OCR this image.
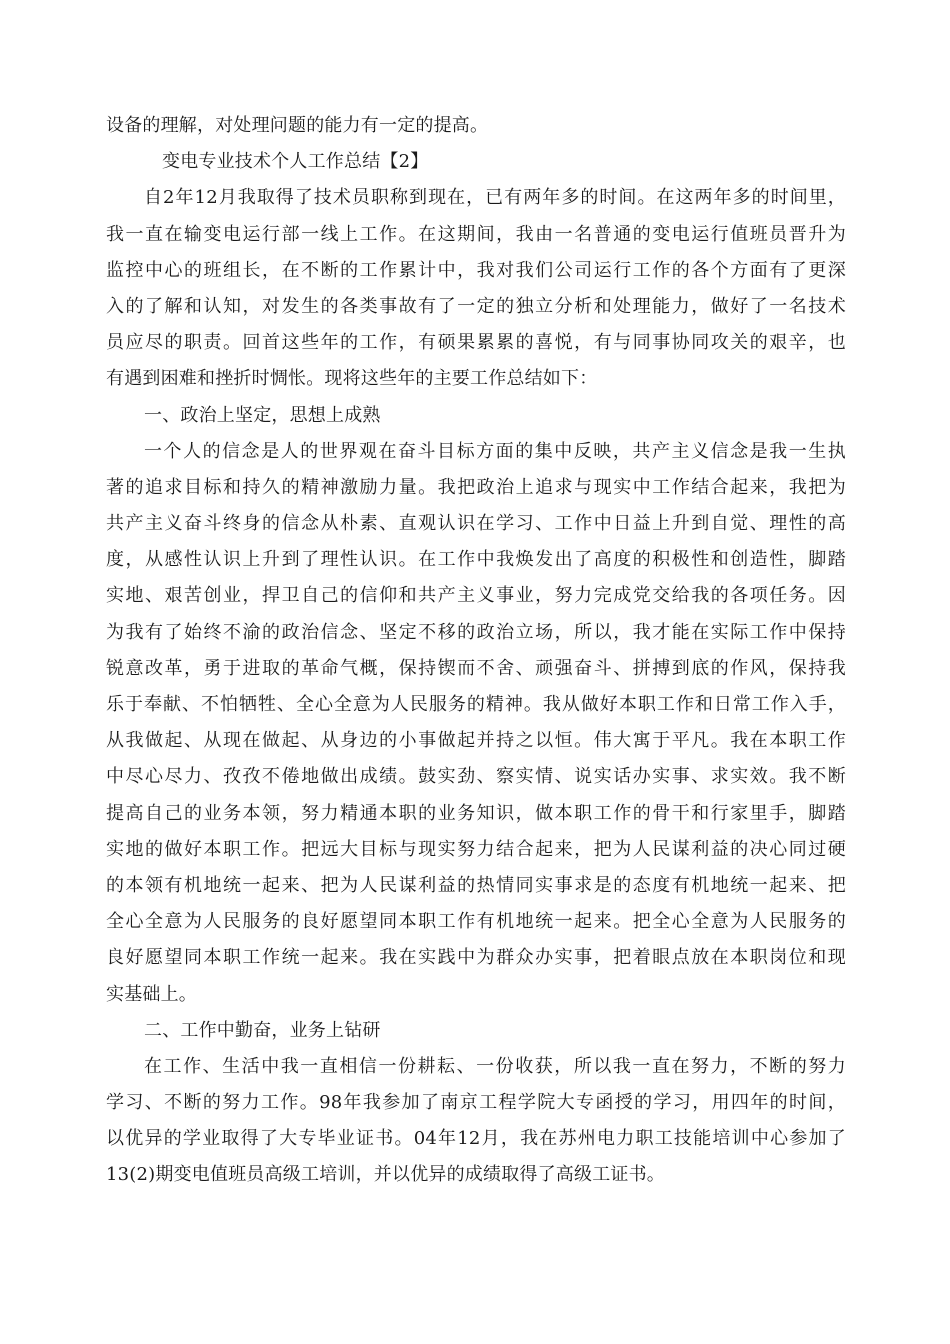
设备的理解，对处理问题的能力有一定的提高。
变电专业技术个人工作总结【2】
自2年12月我取得了技术员职称到现在，已有两年多的时间。在这两年多的时间里，
我一直在输变电运行部一线上工作。在这期间，我由一名普通的变电运行值班员晋升为
监控中心的班组长，在不断的工作累计中，我对我们公司运行工作的各个方面有了更深
入的了解和认知，对发生的各类事故有了一定的独立分析和处理能力，做好了一名技术
员应尽的职责。回首这些年的工作，有硕果累累的喜悦，有与同事协同攻关的艰辛，也
有遇到困难和挫折时惆怅。现将这些年的主要工作总结如下：
一、政治上坚定，思想上成熟
一个人的信念是人的世界观在奋斗目标方面的集中反映，共产主义信念是我一生执
著的追求目标和持久的精神激励力量。我把政治上追求与现实中工作结合起来，我把为
共产主义奋斗终身的信念从朴素、直观认识在学习、工作中日益上升到自觉、理性的高
度，从感性认识上升到了理性认识。在工作中我焕发出了高度的积极性和创造性，脚踏
实地、艰苦创业，捍卫自己的信仰和共产主义事业，努力完成党交给我的各项任务。因
为我有了始终不渝的政治信念、坚定不移的政治立场，所以，我才能在实际工作中保持
锐意改革，勇于进取的革命气概，保持锲而不舍、顽强奋斗、拼搏到底的作风，保持我
乐于奉献、不怕牺牲、全心全意为人民服务的精神。我从做好本职工作和日常工作入手，
从我做起、从现在做起、从身边的小事做起并持之以恒。伟大寓于平凡。我在本职工作
中尽心尽力、孜孜不倦地做出成绩。鼓实劲、察实情、说实话办实事、求实效。我不断
提高自己的业务本领，努力精通本职的业务知识，做本职工作的骨干和行家里手，脚踏
实地的做好本职工作。把远大目标与现实努力结合起来，把为人民谋利益的决心同过硬
的本领有机地统一起来、把为人民谋利益的热情同实事求是的态度有机地统一起来、把
全心全意为人民服务的良好愿望同本职工作有机地统一起来。把全心全意为人民服务的
良好愿望同本职工作统一起来。我在实践中为群众办实事，把着眼点放在本职岗位和现
实基础上。
二、工作中勤奋，业务上钻研
在工作、生活中我一直相信一份耕耘、一份收获，所以我一直在努力，不断的努力
学习、不断的努力工作。98年我参加了南京工程学院大专函授的学习，用四年的时间，
以优异的学业取得了大专毕业证书。04年12月，我在苏州电力职工技能培训中心参加了
13(2)期变电值班员高级工培训，并以优异的成绩取得了高级工证书。
